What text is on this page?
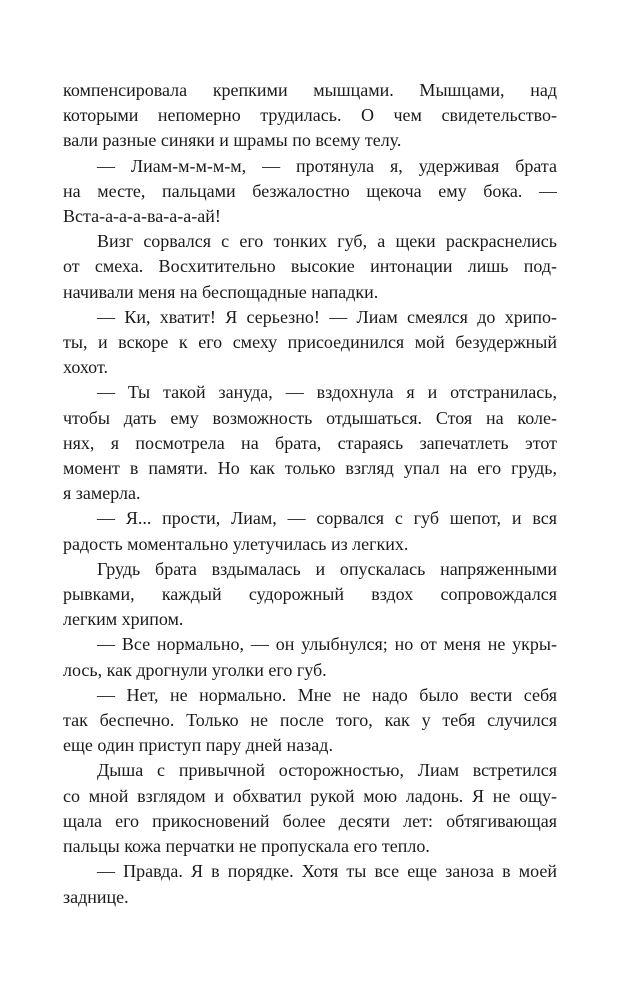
компенсировала крепкими мышцами. Мышцами, над
которыми непомерно трудилась. О чем свидетельство-
вали разные синяки и шрамы по всему телу.
— Лиам-м-м-м-м, — протянула я, удерживая брата
на месте, пальцами безжалостно щекоча ему бока. —
Вста-а-а-а-ва-а-а-ай!
Визг сорвался с его тонких губ, а щеки раскраснелись
от смеха. Восхитительно высокие интонации лишь под-
начивали меня на беспощадные нападки.
— Ки, хватит! Я серьезно! — Лиам смеялся до хрипо-
ты, и вскоре к его смеху присоединился мой безудержный
хохот.
— Ты такой зануда, — вздохнула я и отстранилась,
чтобы дать ему возможность отдышаться. Стоя на коле-
нях, я посмотрела на брата, стараясь запечатлеть этот
момент в памяти. Но как только взгляд упал на его грудь,
я замерла.
— Я... прости, Лиам, — сорвался с губ шепот, и вся
радость моментально улетучилась из легких.
Грудь брата вздымалась и опускалась напряженными
рывками, каждый судорожный вздох сопровождался
легким хрипом.
— Все нормально, — он улыбнулся; но от меня не укры-
лось, как дрогнули уголки его губ.
— Нет, не нормально. Мне не надо было вести себя
так беспечно. Только не после того, как у тебя случился
еще один приступ пару дней назад.
Дыша с привычной осторожностью, Лиам встретился
со мной взглядом и обхватил рукой мою ладонь. Я не ощу-
щала его прикосновений более десяти лет: обтягивающая
пальцы кожа перчатки не пропускала его тепло.
— Правда. Я в порядке. Хотя ты все еще заноза в моей
заднице.
